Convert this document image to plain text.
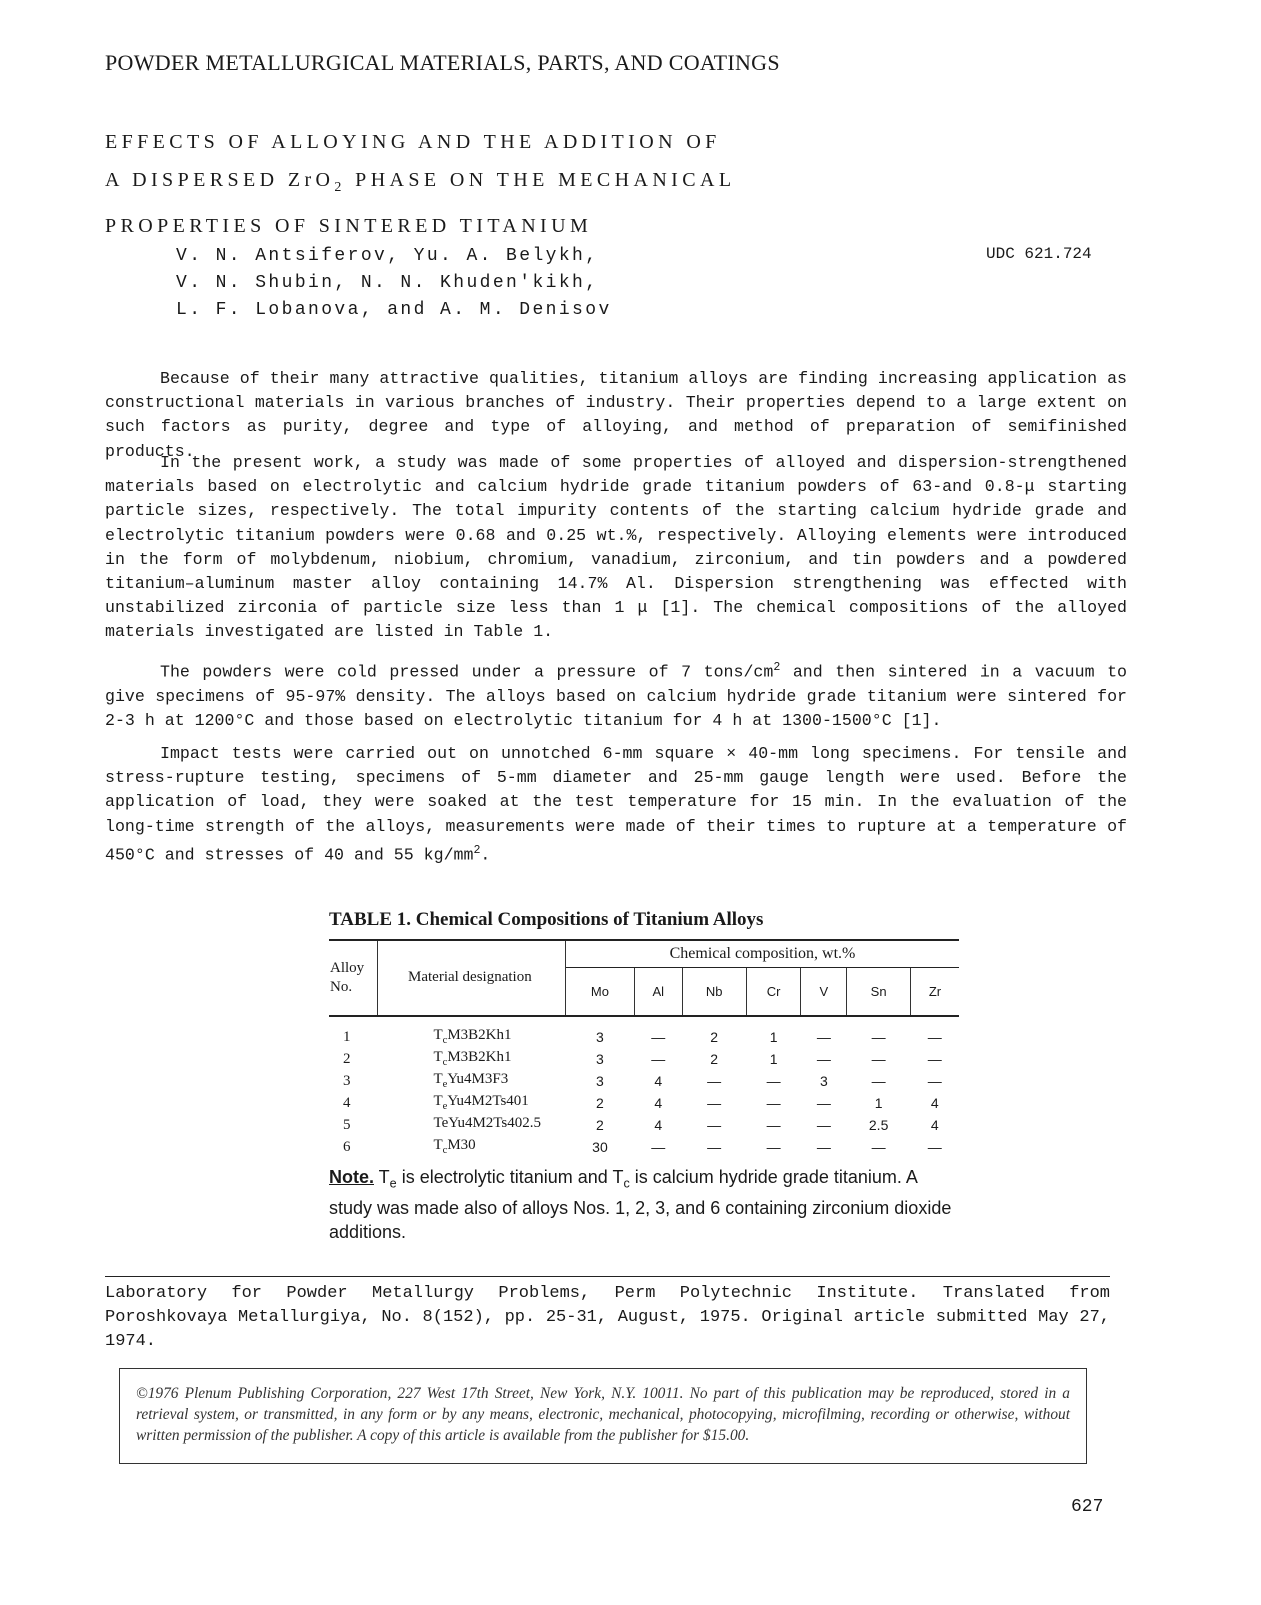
POWDER METALLURGICAL MATERIALS, PARTS, AND COATINGS
EFFECTS OF ALLOYING AND THE ADDITION OF
A DISPERSED ZrO$_2$ PHASE ON THE MECHANICAL
PROPERTIES OF SINTERED TITANIUM
V. N. Antsiferov, Yu. A. Belykh,
V. N. Shubin, N. N. Khuden'kikh,
L. F. Lobanova, and A. M. Denisov
UDC 621.724

Because of their many attractive qualities, titanium alloys are finding increasing application as constructional materials in various branches of industry. Their properties depend to a large extent on such factors as purity, degree and type of alloying, and method of preparation of semifinished products.

In the present work, a study was made of some properties of alloyed and dispersion-strengthened materials based on electrolytic and calcium hydride grade titanium powders of 63-and 0.8-μ starting particle sizes, respectively. The total impurity contents of the starting calcium hydride grade and electrolytic titanium powders were 0.68 and 0.25 wt.%, respectively. Alloying elements were introduced in the form of molybdenum, niobium, chromium, vanadium, zirconium, and tin powders and a powdered titanium–aluminum master alloy containing 14.7% Al. Dispersion strengthening was effected with unstabilized zirconia of particle size less than 1 μ [1]. The chemical compositions of the alloyed materials investigated are listed in Table 1.

The powders were cold pressed under a pressure of 7 tons/$cm^2$ and then sintered in a vacuum to give specimens of 95-97% density. The alloys based on calcium hydride grade titanium were sintered for 2-3 h at 1200°C and those based on electrolytic titanium for 4 h at 1300-1500°C [1].

Impact tests were carried out on unnotched 6-mm square × 40-mm long specimens. For tensile and stress-rupture testing, specimens of 5-mm diameter and 25-mm gauge length were used. Before the application of load, they were soaked at the test temperature for 15 min. In the evaluation of the long-time strength of the alloys, measurements were made of their times to rupture at a temperature of 450°C and stresses of 40 and 55 $kg/mm^2$.

TABLE 1. Chemical Compositions of Titanium Alloys
Alloy No.	Material designation	Chemical composition, wt.%						
		Mo	Al	Nb	Cr	V	Sn	Zr
1	$T_cM3B2Kh1$	3	—	2	1	—	—	—
2	$T_cM3B2Kh1$	3	—	2	1	—	—	—
3	$T_eYu4M3F3$	3	4	—	—	3	—	—
4	$T_eYu4M2Ts401$	2	4	—	—	—	1	4
5	TeYu4M2Ts402.5	2	4	—	—	—	2.5	4
6	$T_cM30$	30	—	—	—	—	—	—
Note. $T_e$ is electrolytic titanium and $T_c$ is calcium hydride grade titanium. A study was made also of alloys Nos. 1, 2, 3, and 6 containing zirconium dioxide additions.
Laboratory for Powder Metallurgy Problems, Perm Polytechnic Institute. Translated from Poroshkovaya Metallurgiya, No. 8(152), pp. 25-31, August, 1975. Original article submitted May 27, 1974.
©1976 Plenum Publishing Corporation, 227 West 17th Street, New York, N.Y. 10011. No part of this publication may be reproduced, stored in a retrieval system, or transmitted, in any form or by any means, electronic, mechanical, photocopying, microfilming, recording or otherwise, without written permission of the publisher. A copy of this article is available from the publisher for $15.00.
627
